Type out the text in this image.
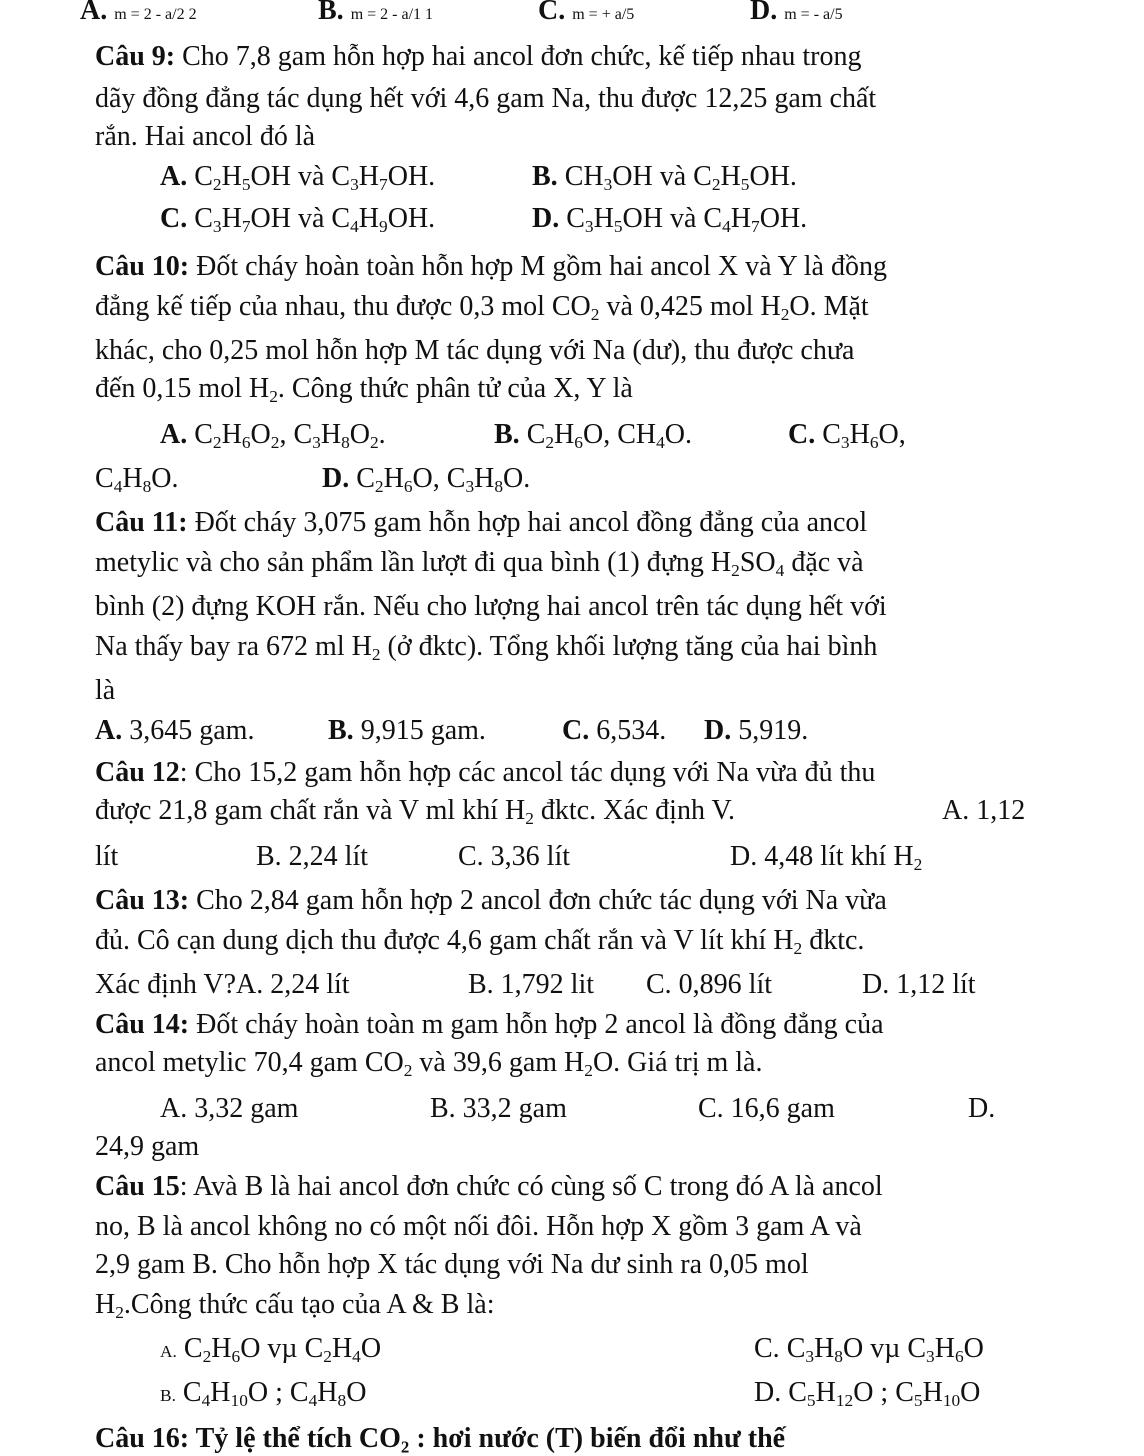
A. m = 2 - a/2 2	B. m = 2 - a/1 1	C. m = + a/5	D. m = - a/5
Câu 9: Cho 7,8 gam hỗn hợp hai ancol đơn chức, kế tiếp nhau trong
dãy đồng đẳng tác dụng hết với 4,6 gam Na, thu được 12,25 gam chất
rắn. Hai ancol đó là
A. $C_2H_5OH$ và $C_3H_7OH$.	B. $CH_3OH$ và $C_2H_5OH$.
C. $C_3H_7OH$ và $C_4H_9OH$.	D. $C_3H_5OH$ và $C_4H_7OH$.
Câu 10: Đốt cháy hoàn toàn hỗn hợp M gồm hai ancol X và Y là đồng
đẳng kế tiếp của nhau, thu được 0,3 mol $CO_2$ và 0,425 mol $H_2O$. Mặt
khác, cho 0,25 mol hỗn hợp M tác dụng với Na (dư), thu được chưa
đến 0,15 mol $H_2$. Công thức phân tử của X, Y là
A. $C_2H_6O_2$, $C_3H_8O_2$.	B. $C_2H_6O$, $CH_4O$.	C. $C_3H_6O$,
$C_4H_8O$.	D. $C_2H_6O$, $C_3H_8O$.
Câu 11: Đốt cháy 3,075 gam hỗn hợp hai ancol đồng đẳng của ancol
metylic và cho sản phẩm lần lượt đi qua bình (1) đựng $H_2SO_4$ đặc và
bình (2) đựng KOH rắn. Nếu cho lượng hai ancol trên tác dụng hết với
Na thấy bay ra 672 ml $H_2$ (ở đktc). Tổng khối lượng tăng của hai bình
là
A. 3,645 gam.	B. 9,915 gam.	C. 6,534. D. 5,919.
Câu 12: Cho 15,2 gam hỗn hợp các ancol tác dụng với Na vừa đủ thu
được 21,8 gam chất rắn và V ml khí $H_2$ đktc. Xác định V.	A. 1,12
lít	B. 2,24 lít	C. 3,36 lít	D. 4,48 lít khí $H_2$
Câu 13: Cho 2,84 gam hỗn hợp 2 ancol đơn chức tác dụng với Na vừa
đủ. Cô cạn dung dịch thu được 4,6 gam chất rắn và V lít khí $H_2$ đktc.
Xác định V?A. 2,24 lít	B. 1,792 lit C. 0,896 lít	D. 1,12 lít
Câu 14: Đốt cháy hoàn toàn m gam hỗn hợp 2 ancol là đồng đẳng của
ancol metylic 70,4 gam $CO_2$ và 39,6 gam $H_2O$. Giá trị m là.
A. 3,32 gam	B. 33,2 gam	C. 16,6 gam	D.
24,9 gam
Câu 15: Avà B là hai ancol đơn chức có cùng số C trong đó A là ancol
no, B là ancol không no có một nối đôi. Hỗn hợp X gồm 3 gam A và
2,9 gam B. Cho hỗn hợp X tác dụng với Na dư sinh ra 0,05 mol
$H_2.Công$ thức cấu tạo của A & B là:
A. $C_2H_6O$ vµ $C_2H_4O$	C. $C_3H_8O$ vµ $C_3H_6O$
B. $C_4H_{10}O$ ; $C_4H_8O$	D. $C_5H_{12}O$ ; $C_5H_{10}O$
Câu 16: Tỷ lệ thể tích CO₂ : hơi nước (T) biến đổi như thế
